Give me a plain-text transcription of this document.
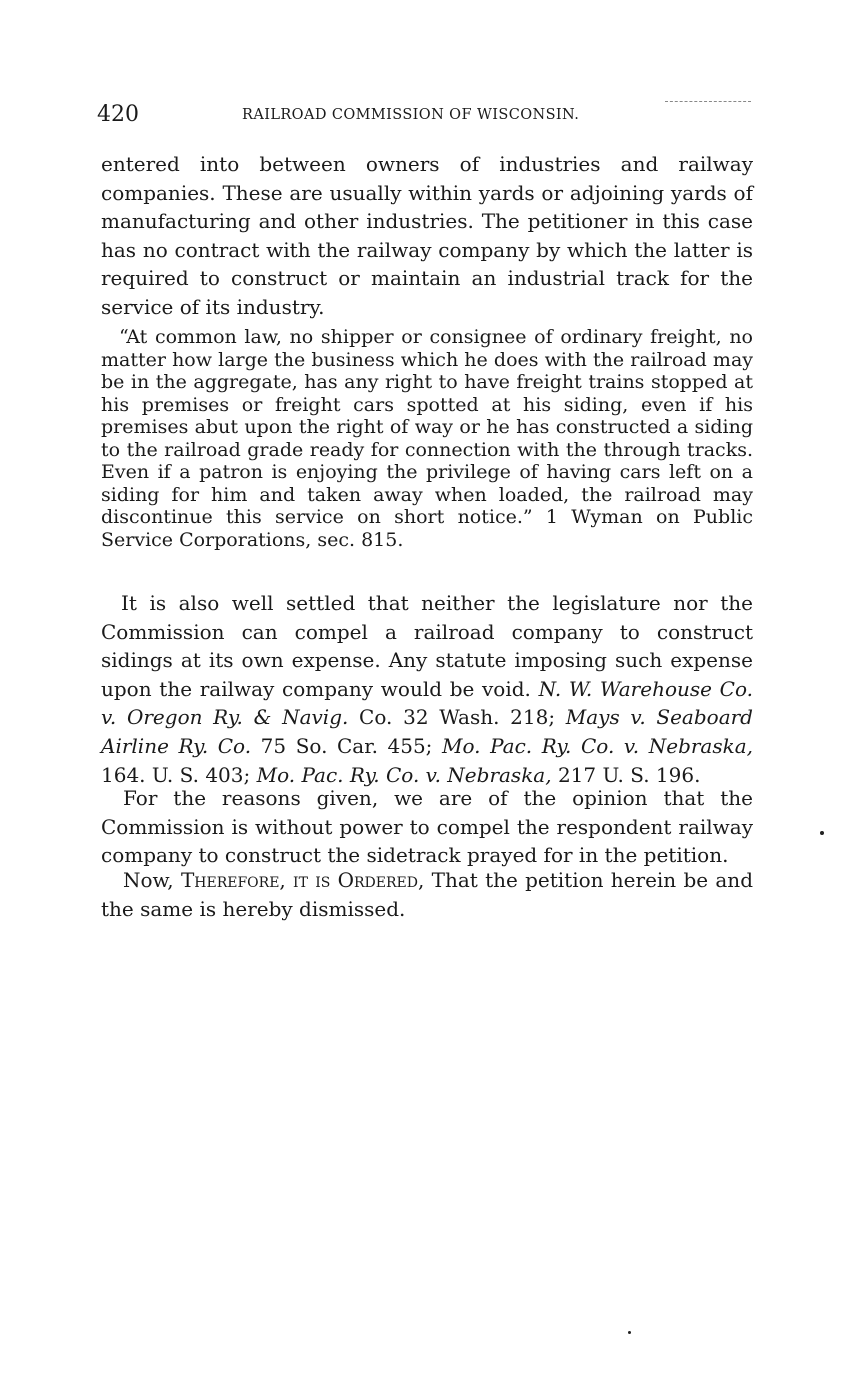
420	RAILROAD COMMISSION OF WISCONSIN.
entered into between owners of industries and railway companies. These are usually within yards or adjoining yards of manufacturing and other industries. The petitioner in this case has no contract with the railway company by which the latter is required to construct or maintain an industrial track for the service of its industry.
“At common law, no shipper or consignee of ordinary freight, no matter how large the business which he does with the railroad may be in the aggregate, has any right to have freight trains stopped at his premises or freight cars spotted at his siding, even if his premises abut upon the right of way or he has constructed a siding to the railroad grade ready for connection with the through tracks. Even if a patron is enjoying the privilege of having cars left on a siding for him and taken away when loaded, the railroad may discontinue this service on short notice.” 1 Wyman on Public Service Corporations, sec. 815.

It is also well settled that neither the legislature nor the Commission can compel a railroad company to construct sidings at its own expense. Any statute imposing such expense upon the railway company would be void. N. W. Warehouse Co. v. Oregon Ry. & Navig. Co. 32 Wash. 218; Mays v. Seaboard Airline Ry. Co. 75 So. Car. 455; Mo. Pac. Ry. Co. v. Nebraska, 164. U. S. 403; Mo. Pac. Ry. Co. v. Nebraska, 217 U. S. 196.

For the reasons given, we are of the opinion that the Commission is without power to compel the respondent railway company to construct the sidetrack prayed for in the petition.

Now, Therefore, it is Ordered, That the petition herein be and the same is hereby dismissed.
